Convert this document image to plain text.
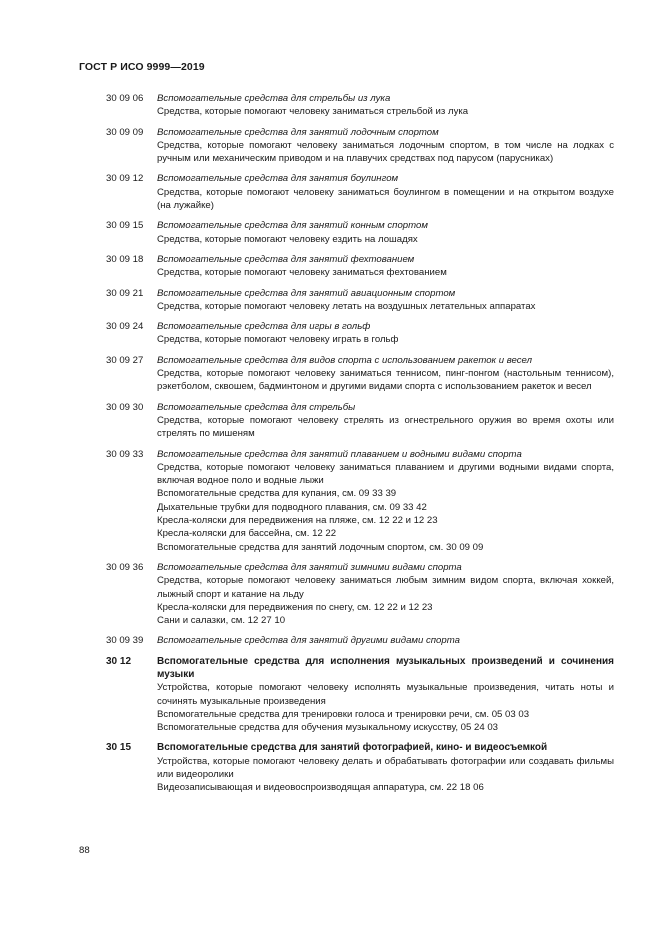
ГОСТ Р ИСО 9999—2019
30 09 06	Вспомогательные средства для стрельбы из лука
Средства, которые помогают человеку заниматься стрельбой из лука
30 09 09	Вспомогательные средства для занятий лодочным спортом
Средства, которые помогают человеку заниматься лодочным спортом, в том числе на лодках с ручным или механическим приводом и на плавучих средствах под парусом (парусниках)
30 09 12	Вспомогательные средства для занятия боулингом
Средства, которые помогают человеку заниматься боулингом в помещении и на открытом воздухе (на лужайке)
30 09 15	Вспомогательные средства для занятий конным спортом
Средства, которые помогают человеку ездить на лошадях
30 09 18	Вспомогательные средства для занятий фехтованием
Средства, которые помогают человеку заниматься фехтованием
30 09 21	Вспомогательные средства для занятий авиационным спортом
Средства, которые помогают человеку летать на воздушных летательных аппаратах
30 09 24	Вспомогательные средства для игры в гольф
Средства, которые помогают человеку играть в гольф
30 09 27	Вспомогательные средства для видов спорта с использованием ракеток и весел
Средства, которые помогают человеку заниматься теннисом, пинг-понгом (настольным теннисом), рэкетболом, сквошем, бадминтоном и другими видами спорта с использованием ракеток и весел
30 09 30	Вспомогательные средства для стрельбы
Средства, которые помогают человеку стрелять из огнестрельного оружия во время охоты или стрелять по мишеням
30 09 33	Вспомогательные средства для занятий плаванием и водными видами спорта
Средства, которые помогают человеку заниматься плаванием и другими водными видами спорта, включая водное поло и водные лыжи
Вспомогательные средства для купания, см. 09 33 39
Дыхательные трубки для подводного плавания, см. 09 33 42
Кресла-коляски для передвижения на пляже, см. 12 22 и 12 23
Кресла-коляски для бассейна, см. 12 22
Вспомогательные средства для занятий лодочным спортом, см. 30 09 09
30 09 36	Вспомогательные средства для занятий зимними видами спорта
Средства, которые помогают человеку заниматься любым зимним видом спорта, включая хоккей, лыжный спорт и катание на льду
Кресла-коляски для передвижения по снегу, см. 12 22 и 12 23
Сани и салазки, см. 12 27 10
30 09 39	Вспомогательные средства для занятий другими видами спорта
30 12	Вспомогательные средства для исполнения музыкальных произведений и сочинения музыки
Устройства, которые помогают человеку исполнять музыкальные произведения, читать ноты и сочинять музыкальные произведения
Вспомогательные средства для тренировки голоса и тренировки речи, см. 05 03 03
Вспомогательные средства для обучения музыкальному искусству, 05 24 03
30 15	Вспомогательные средства для занятий фотографией, кино- и видеосъемкой
Устройства, которые помогают человеку делать и обрабатывать фотографии или создавать фильмы или видеоролики
Видеозаписывающая и видеовоспроизводящая аппаратура, см. 22 18 06
88
